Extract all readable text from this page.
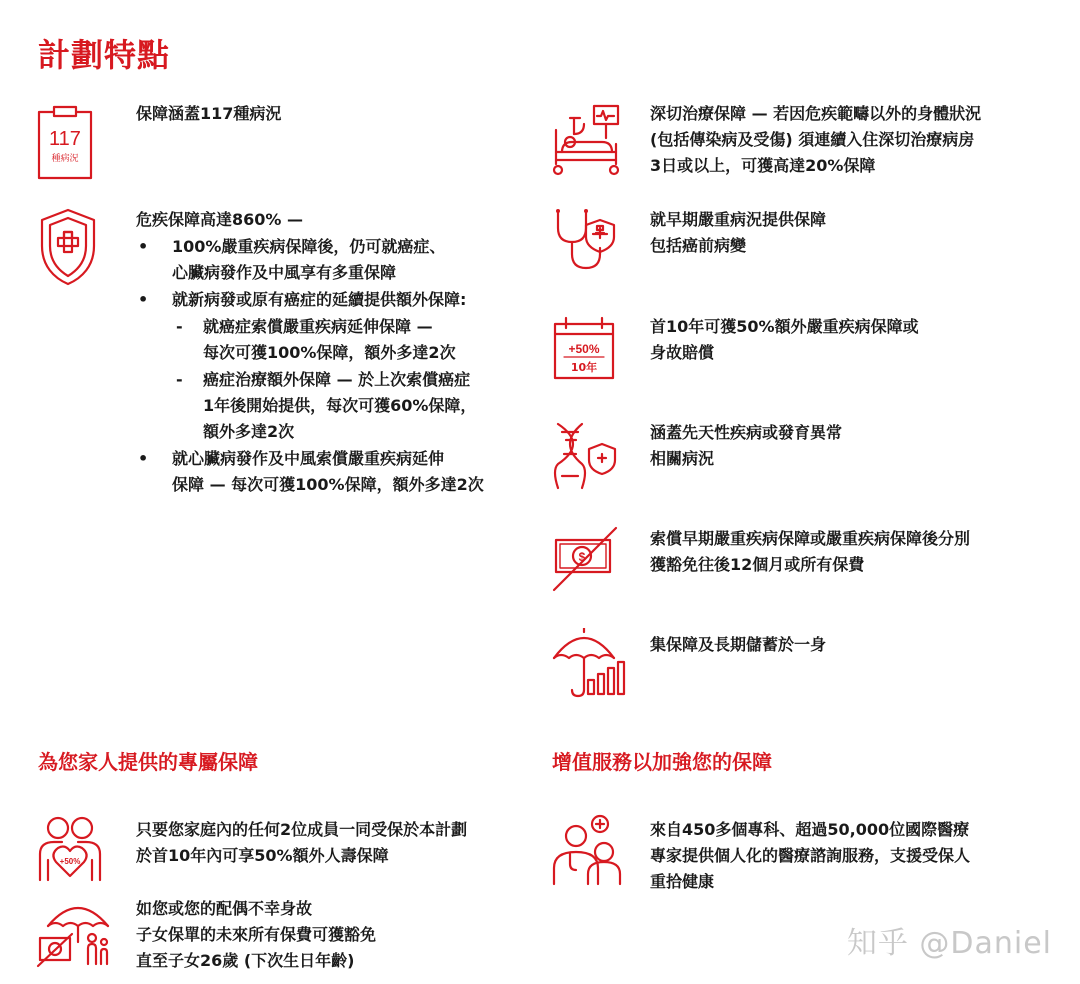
計劃特點
117
種病況
保障涵蓋117種病況
危疾保障高達860% —
• 100%嚴重疾病保障後，仍可就癌症、
心臟病發作及中風享有多重保障
• 就新病發或原有癌症的延續提供額外保障:
- 就癌症索償嚴重疾病延伸保障 —
每次可獲100%保障，額外多達2次
- 癌症治療額外保障 — 於上次索償癌症
1年後開始提供，每次可獲60%保障，
額外多達2次
• 就心臟病發作及中風索償嚴重疾病延伸
保障 — 每次可獲100%保障，額外多達2次
深切治療保障 — 若因危疾範疇以外的身體狀況
(包括傳染病及受傷) 須連續入住深切治療病房
3日或以上，可獲高達20%保障
就早期嚴重病況提供保障
包括癌前病變
+50%
10年
首10年可獲50%額外嚴重疾病保障或
身故賠償
涵蓋先天性疾病或發育異常
相關病況
$
索償早期嚴重疾病保障或嚴重疾病保障後分別
獲豁免往後12個月或所有保費
集保障及長期儲蓄於一身
為您家人提供的專屬保障
+50%
只要您家庭內的任何2位成員一同受保於本計劃
於首10年內可享50%額外人壽保障
如您或您的配偶不幸身故
子女保單的未來所有保費可獲豁免
直至子女26歲 (下次生日年齡)
增值服務以加強您的保障
來自450多個專科、超過50,000位國際醫療
專家提供個人化的醫療諮詢服務，支援受保人
重拾健康
知乎 @Daniel
